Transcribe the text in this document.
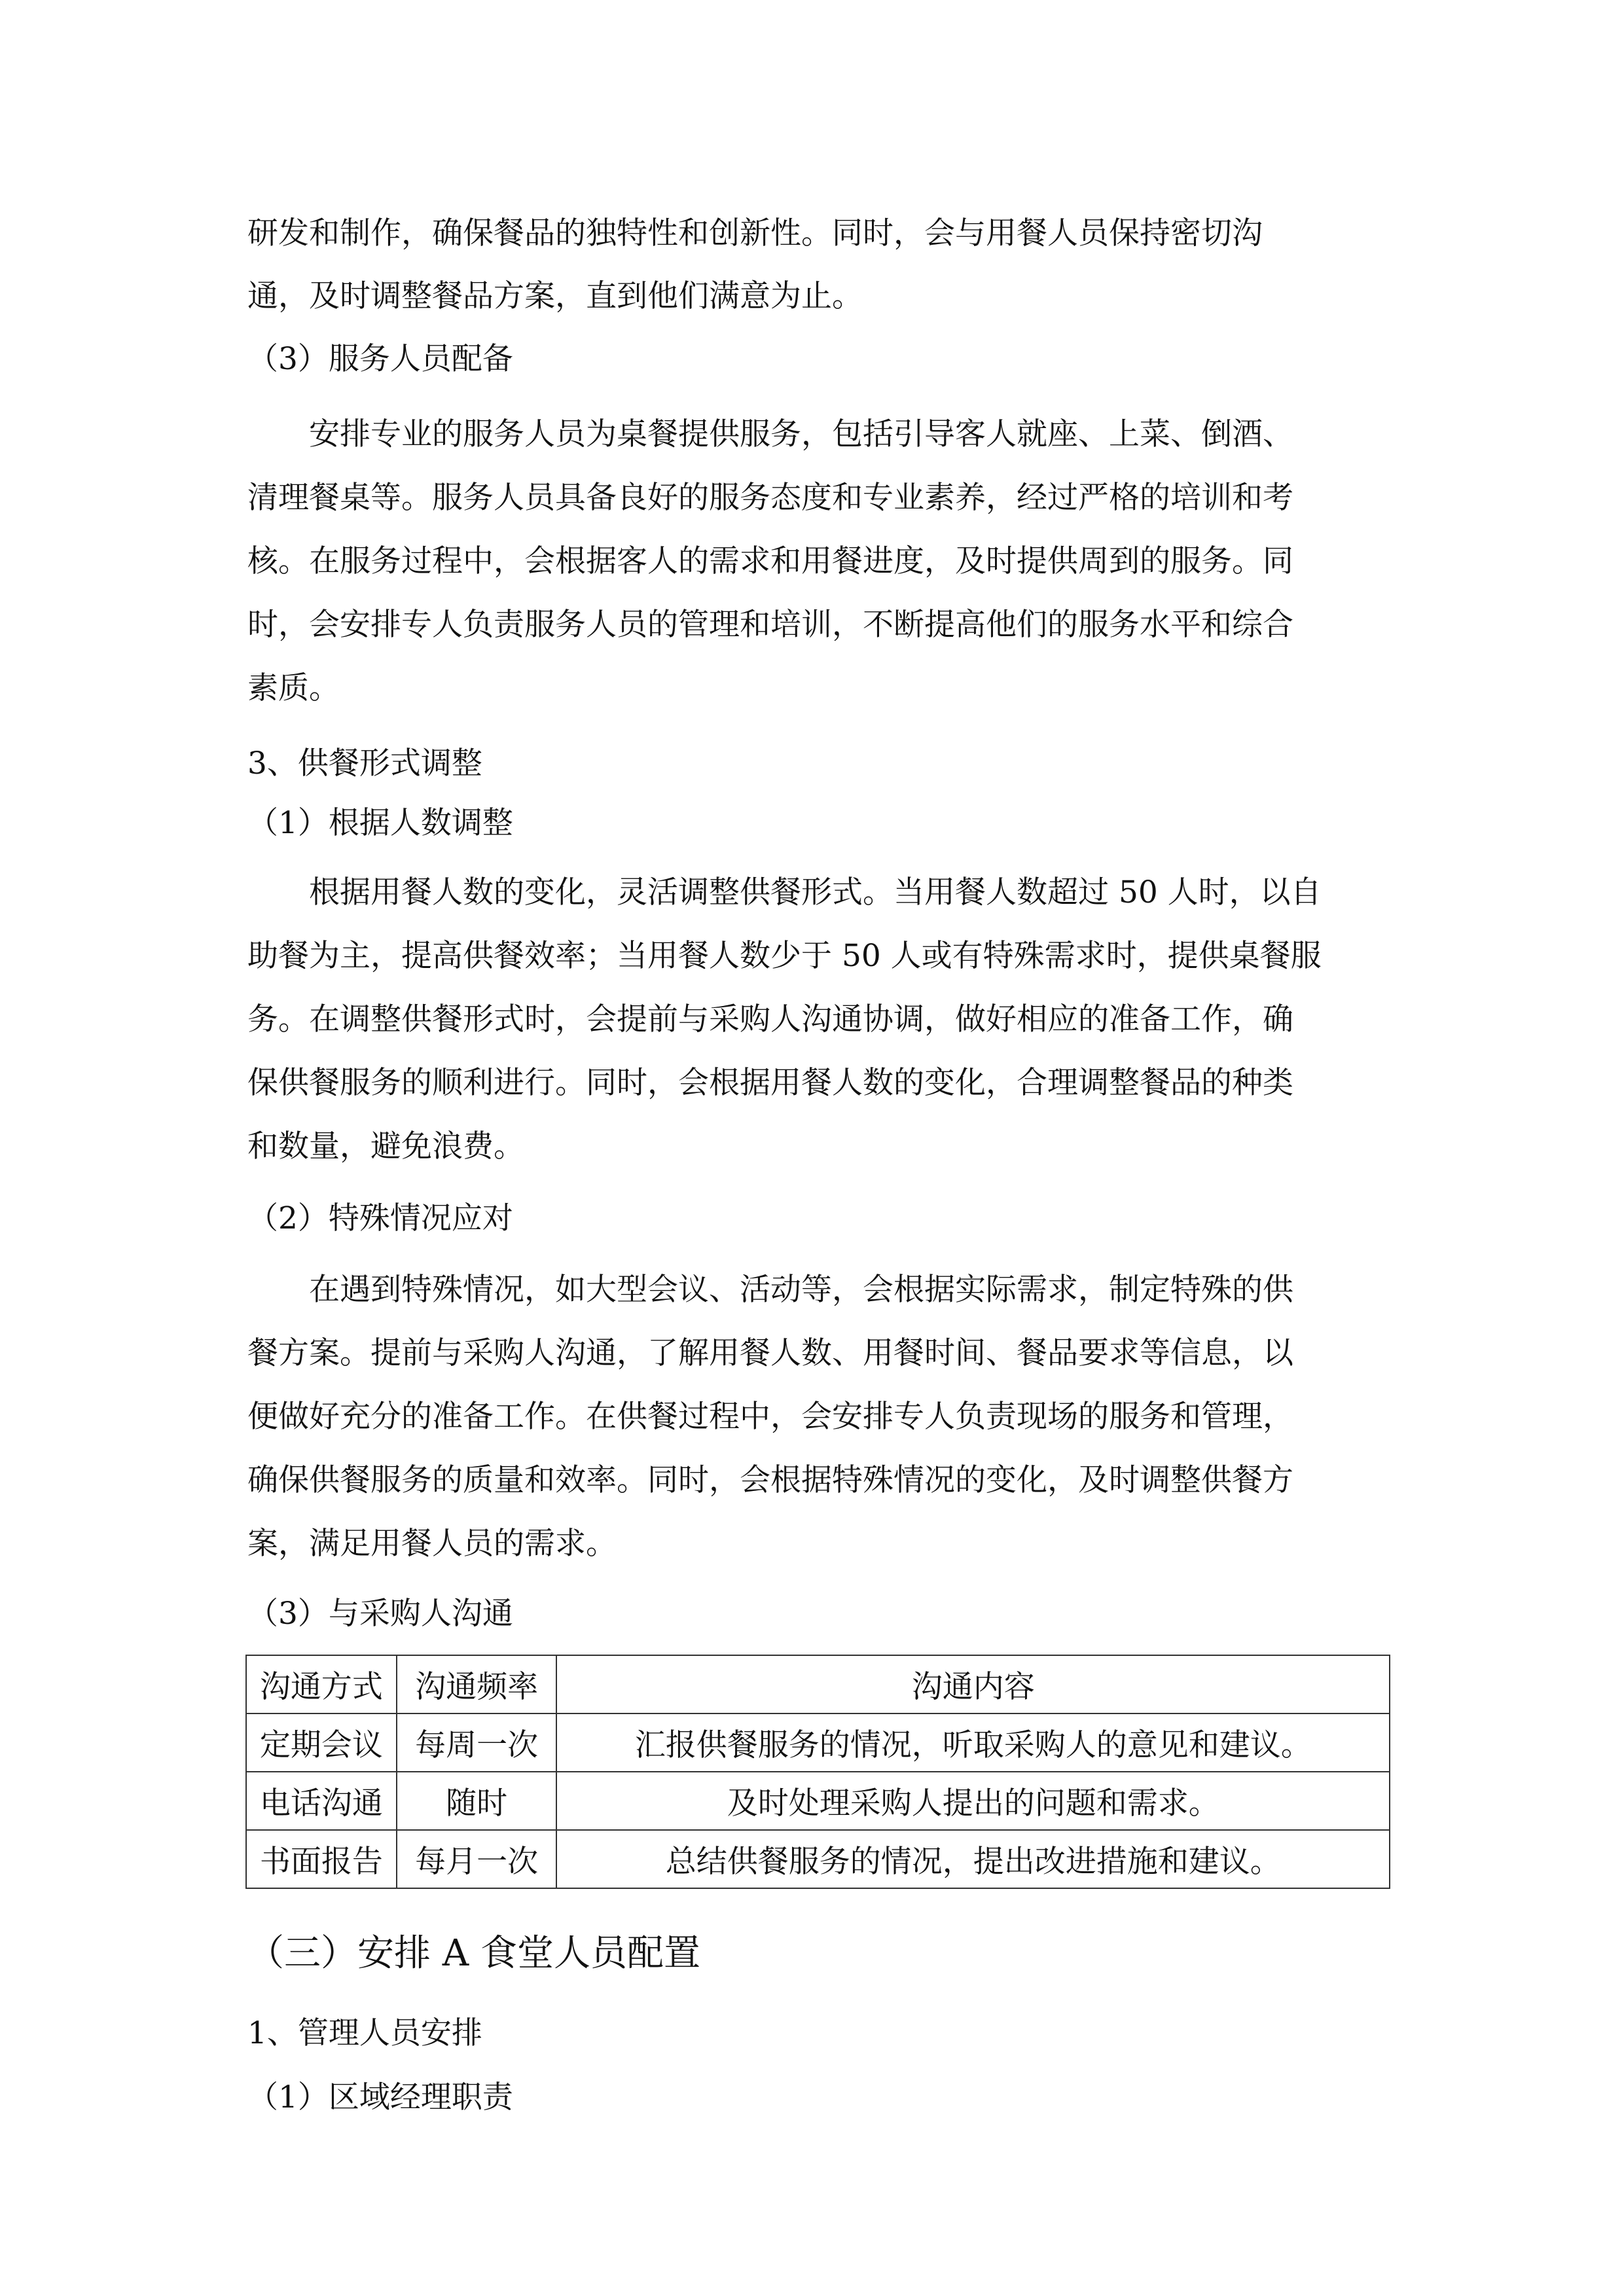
研发和制作，确保餐品的独特性和创新性。同时，会与用餐人员保持密切沟
通，及时调整餐品方案，直到他们满意为止。
（3）服务人员配备
　　安排专业的服务人员为桌餐提供服务，包括引导客人就座、上菜、倒酒、
清理餐桌等。服务人员具备良好的服务态度和专业素养，经过严格的培训和考
核。在服务过程中，会根据客人的需求和用餐进度，及时提供周到的服务。同
时，会安排专人负责服务人员的管理和培训，不断提高他们的服务水平和综合
素质。
3、供餐形式调整
（1）根据人数调整
　　根据用餐人数的变化，灵活调整供餐形式。当用餐人数超过 50 人时，以自
助餐为主，提高供餐效率；当用餐人数少于 50 人或有特殊需求时，提供桌餐服
务。在调整供餐形式时，会提前与采购人沟通协调，做好相应的准备工作，确
保供餐服务的顺利进行。同时，会根据用餐人数的变化，合理调整餐品的种类
和数量，避免浪费。
（2）特殊情况应对
　　在遇到特殊情况，如大型会议、活动等，会根据实际需求，制定特殊的供
餐方案。提前与采购人沟通，了解用餐人数、用餐时间、餐品要求等信息，以
便做好充分的准备工作。在供餐过程中，会安排专人负责现场的服务和管理，
确保供餐服务的质量和效率。同时，会根据特殊情况的变化，及时调整供餐方
案，满足用餐人员的需求。
（3）与采购人沟通
沟通方式	沟通频率	沟通内容
定期会议	每周一次	汇报供餐服务的情况，听取采购人的意见和建议。
电话沟通	随时	及时处理采购人提出的问题和需求。
书面报告	每月一次	总结供餐服务的情况，提出改进措施和建议。
（三）安排 A 食堂人员配置
1、管理人员安排
（1）区域经理职责
